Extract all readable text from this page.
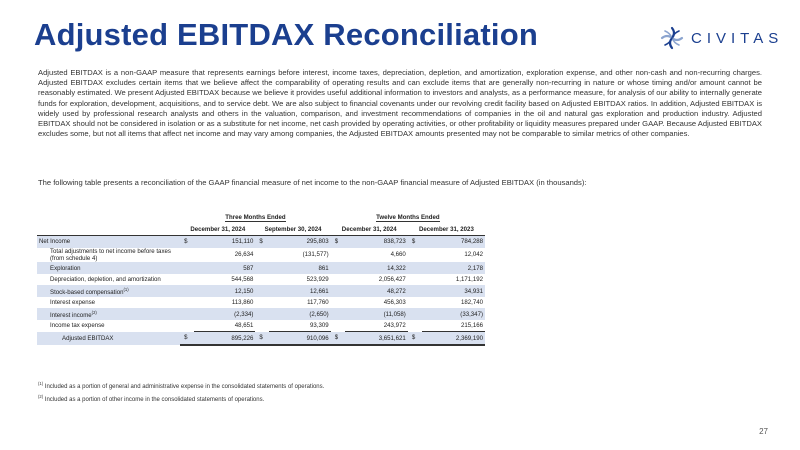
Adjusted EBITDAX Reconciliation	CIVITAS
Adjusted EBITDAX is a non-GAAP measure that represents earnings before interest, income taxes, depreciation, depletion, and amortization, exploration expense, and other non-cash and non-recurring charges. Adjusted EBITDAX excludes certain items that we believe affect the comparability of operating results and can exclude items that are generally non-recurring in nature or whose timing and/or amount cannot be reasonably estimated. We present Adjusted EBITDAX because we believe it provides useful additional information to investors and analysts, as a performance measure, for analysis of our ability to internally generate funds for exploration, development, acquisitions, and to service debt. We are also subject to financial covenants under our revolving credit facility based on Adjusted EBITDAX ratios. In addition, Adjusted EBITDAX is widely used by professional research analysts and others in the valuation, comparison, and investment recommendations of companies in the oil and natural gas exploration and production industry. Adjusted EBITDAX should not be considered in isolation or as a substitute for net income, net cash provided by operating activities, or other profitability or liquidity measures prepared under GAAP. Because Adjusted EBITDAX excludes some, but not all items that affect net income and may vary among companies, the Adjusted EBITDAX amounts presented may not be comparable to similar metrics of other companies.
The following table presents a reconciliation of the GAAP financial measure of net income to the non-GAAP financial measure of Adjusted EBITDAX (in thousands):
	Three Months Ended				Twelve Months Ended			
	December 31, 2024		September 30, 2024		December 31, 2024		December 31, 2023	
Net Income	$	151,110	$	295,803	$	838,723	$	784,288
Total adjustments to net income before taxes (from schedule 4)		26,634		(131,577)		4,660		12,042
Exploration		587		861		14,322		2,178
Depreciation, depletion, and amortization		544,568		523,929		2,056,427		1,171,192
Stock-based compensation$^{(1)}$		12,150		12,661		48,272		34,931
Interest expense		113,860		117,760		456,303		182,740
Interest income$^{(2)}$		(2,334)		(2,650)		(11,058)		(33,347)
Income tax expense		48,651		93,309		243,972		215,166
Adjusted EBITDAX	$	895,226	$	910,096	$	3,651,621	$	2,369,190
$^{(1)}$ Included as a portion of general and administrative expense in the consolidated statements of operations.
$^{(2)}$ Included as a portion of other income in the consolidated statements of operations.
27
